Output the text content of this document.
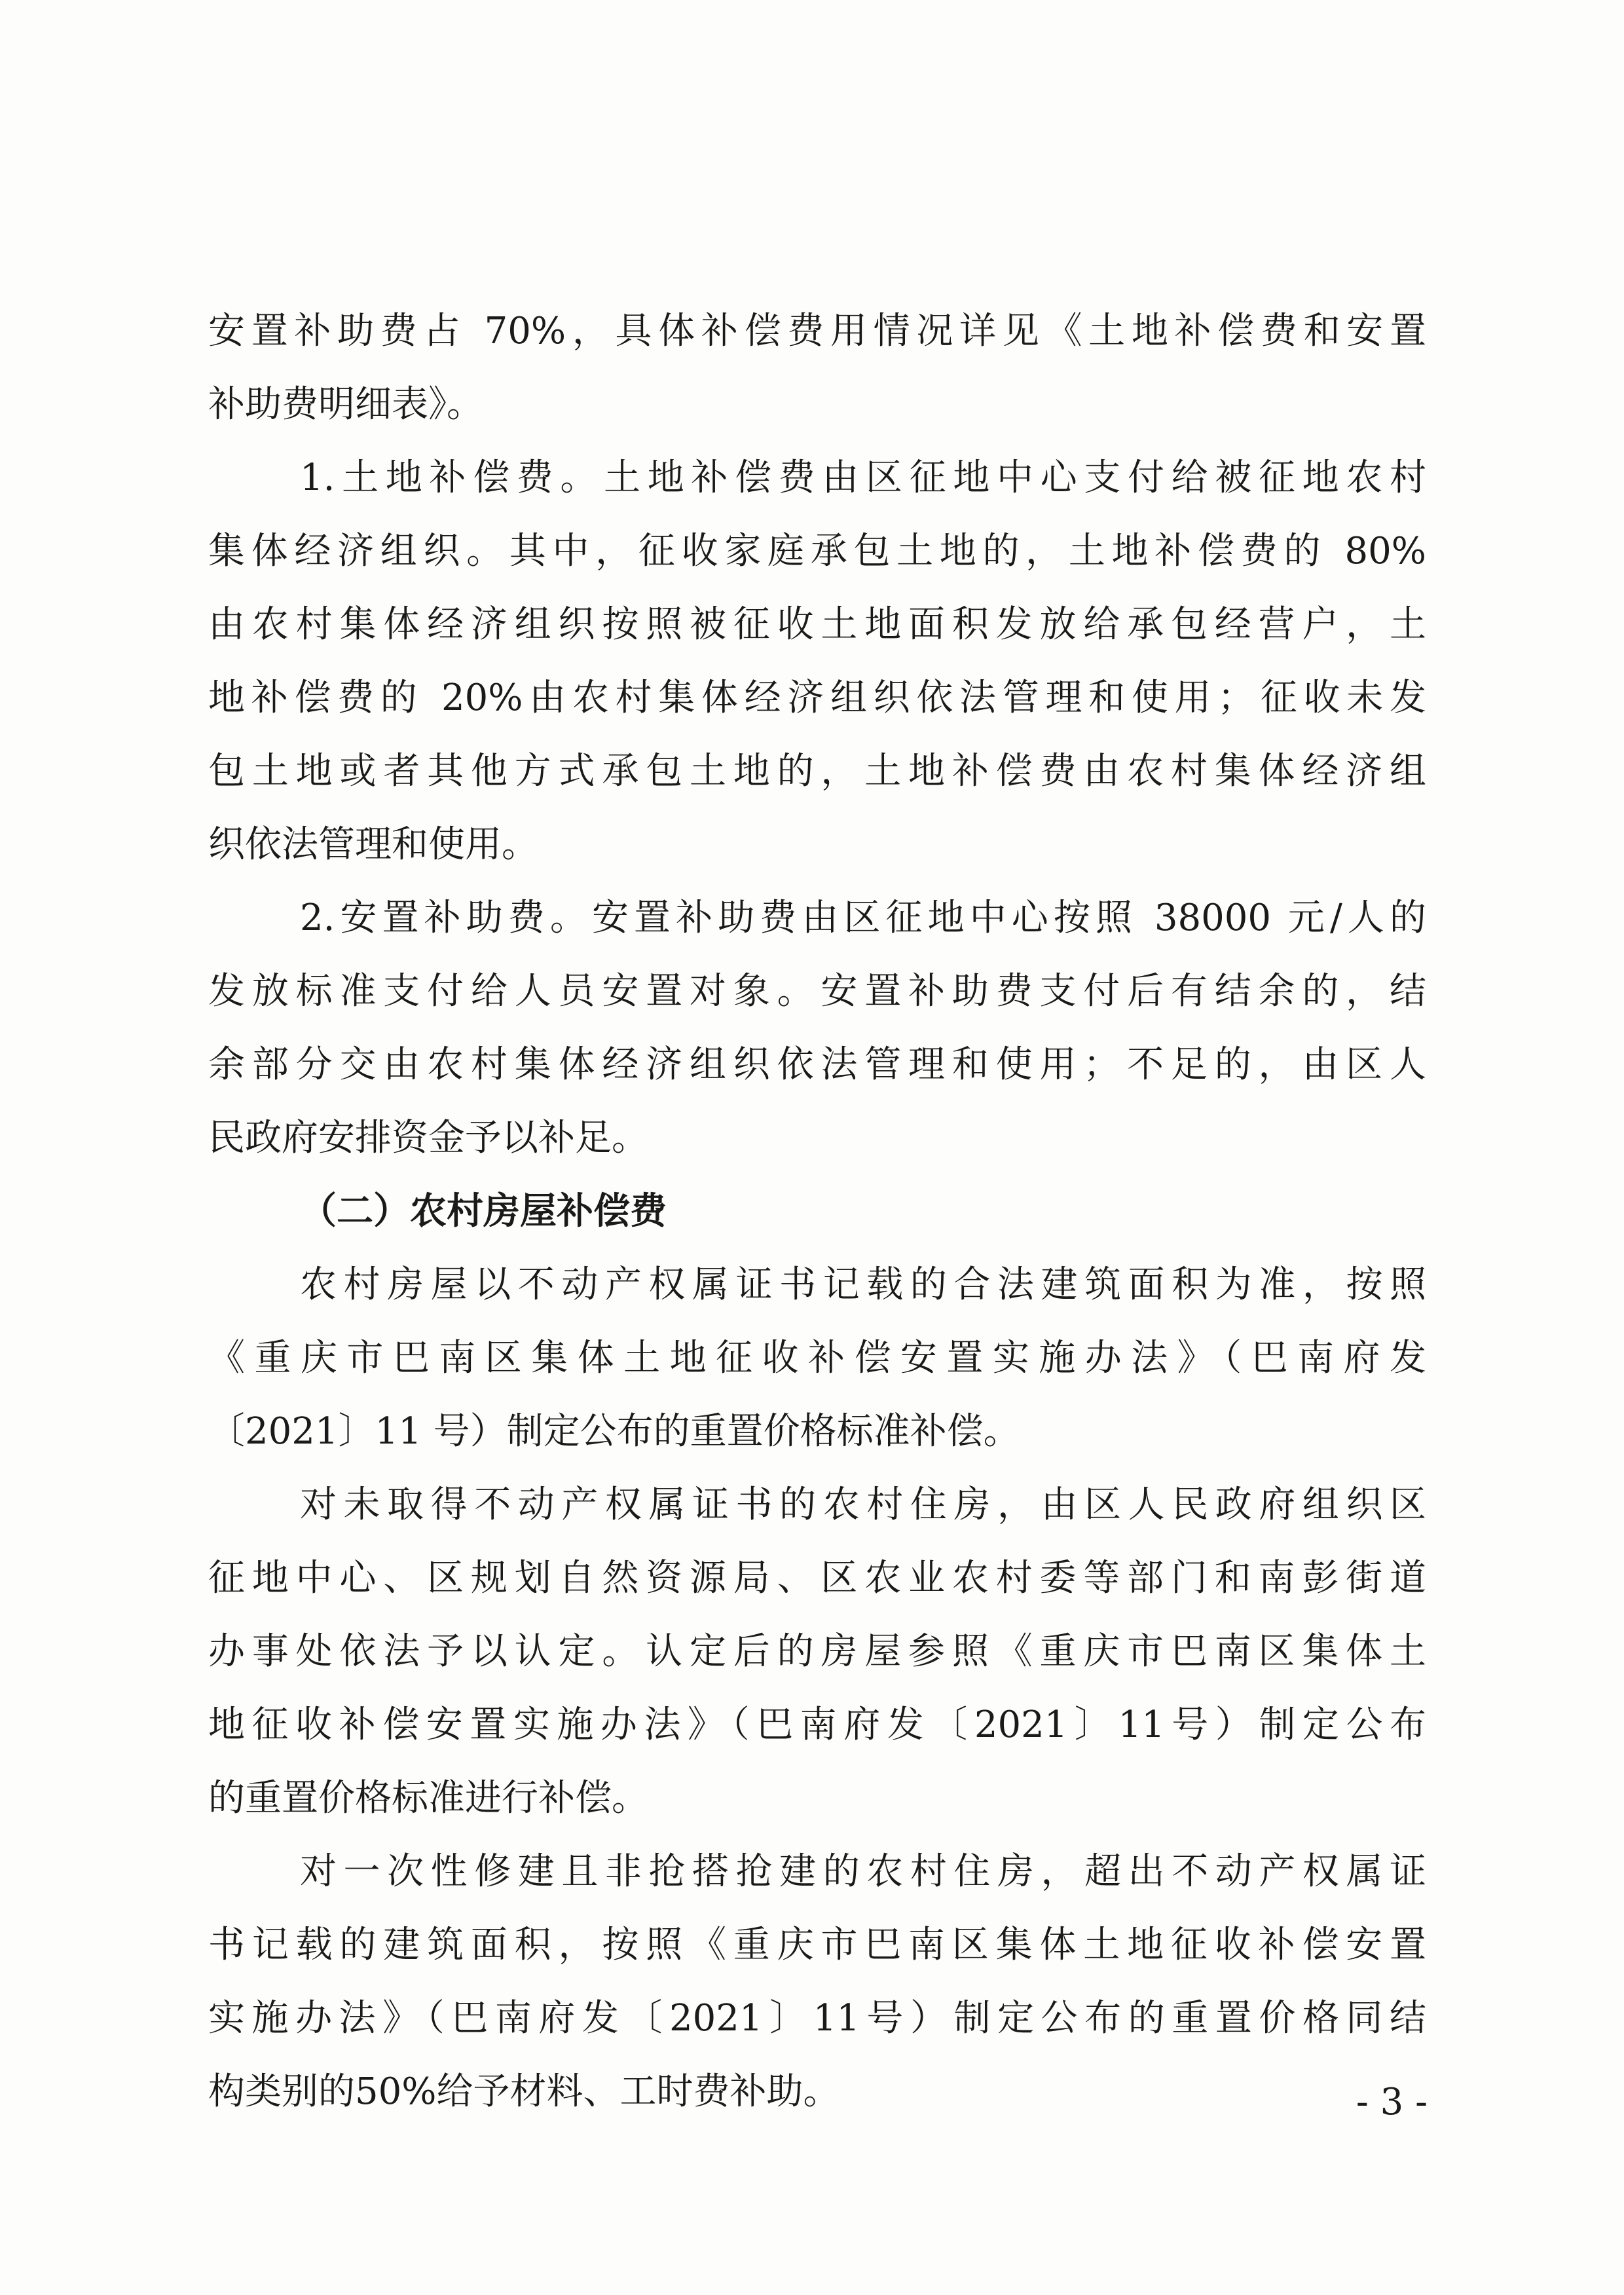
安置补助费占 70%，具体补偿费用情况详见《土地补偿费和安置
补助费明细表》。
1.土地补偿费。土地补偿费由区征地中心支付给被征地农村
集体经济组织。其中，征收家庭承包土地的，土地补偿费的 80%
由农村集体经济组织按照被征收土地面积发放给承包经营户，土
地补偿费的 20%由农村集体经济组织依法管理和使用；征收未发
包土地或者其他方式承包土地的，土地补偿费由农村集体经济组
织依法管理和使用。
2.安置补助费。安置补助费由区征地中心按照 38000 元/人的
发放标准支付给人员安置对象。安置补助费支付后有结余的，结
余部分交由农村集体经济组织依法管理和使用；不足的，由区人
民政府安排资金予以补足。
（二）农村房屋补偿费
农村房屋以不动产权属证书记载的合法建筑面积为准，按照
《重庆市巴南区集体土地征收补偿安置实施办法》（巴南府发
〔2021〕11 号）制定公布的重置价格标准补偿。
对未取得不动产权属证书的农村住房，由区人民政府组织区
征地中心、区规划自然资源局、区农业农村委等部门和南彭街道
办事处依法予以认定。认定后的房屋参照《重庆市巴南区集体土
地征收补偿安置实施办法》（巴南府发〔2021〕11号）制定公布
的重置价格标准进行补偿。
对一次性修建且非抢搭抢建的农村住房，超出不动产权属证
书记载的建筑面积，按照《重庆市巴南区集体土地征收补偿安置
实施办法》（巴南府发〔2021〕11号）制定公布的重置价格同结
构类别的50%给予材料、工时费补助。	- 3 -
